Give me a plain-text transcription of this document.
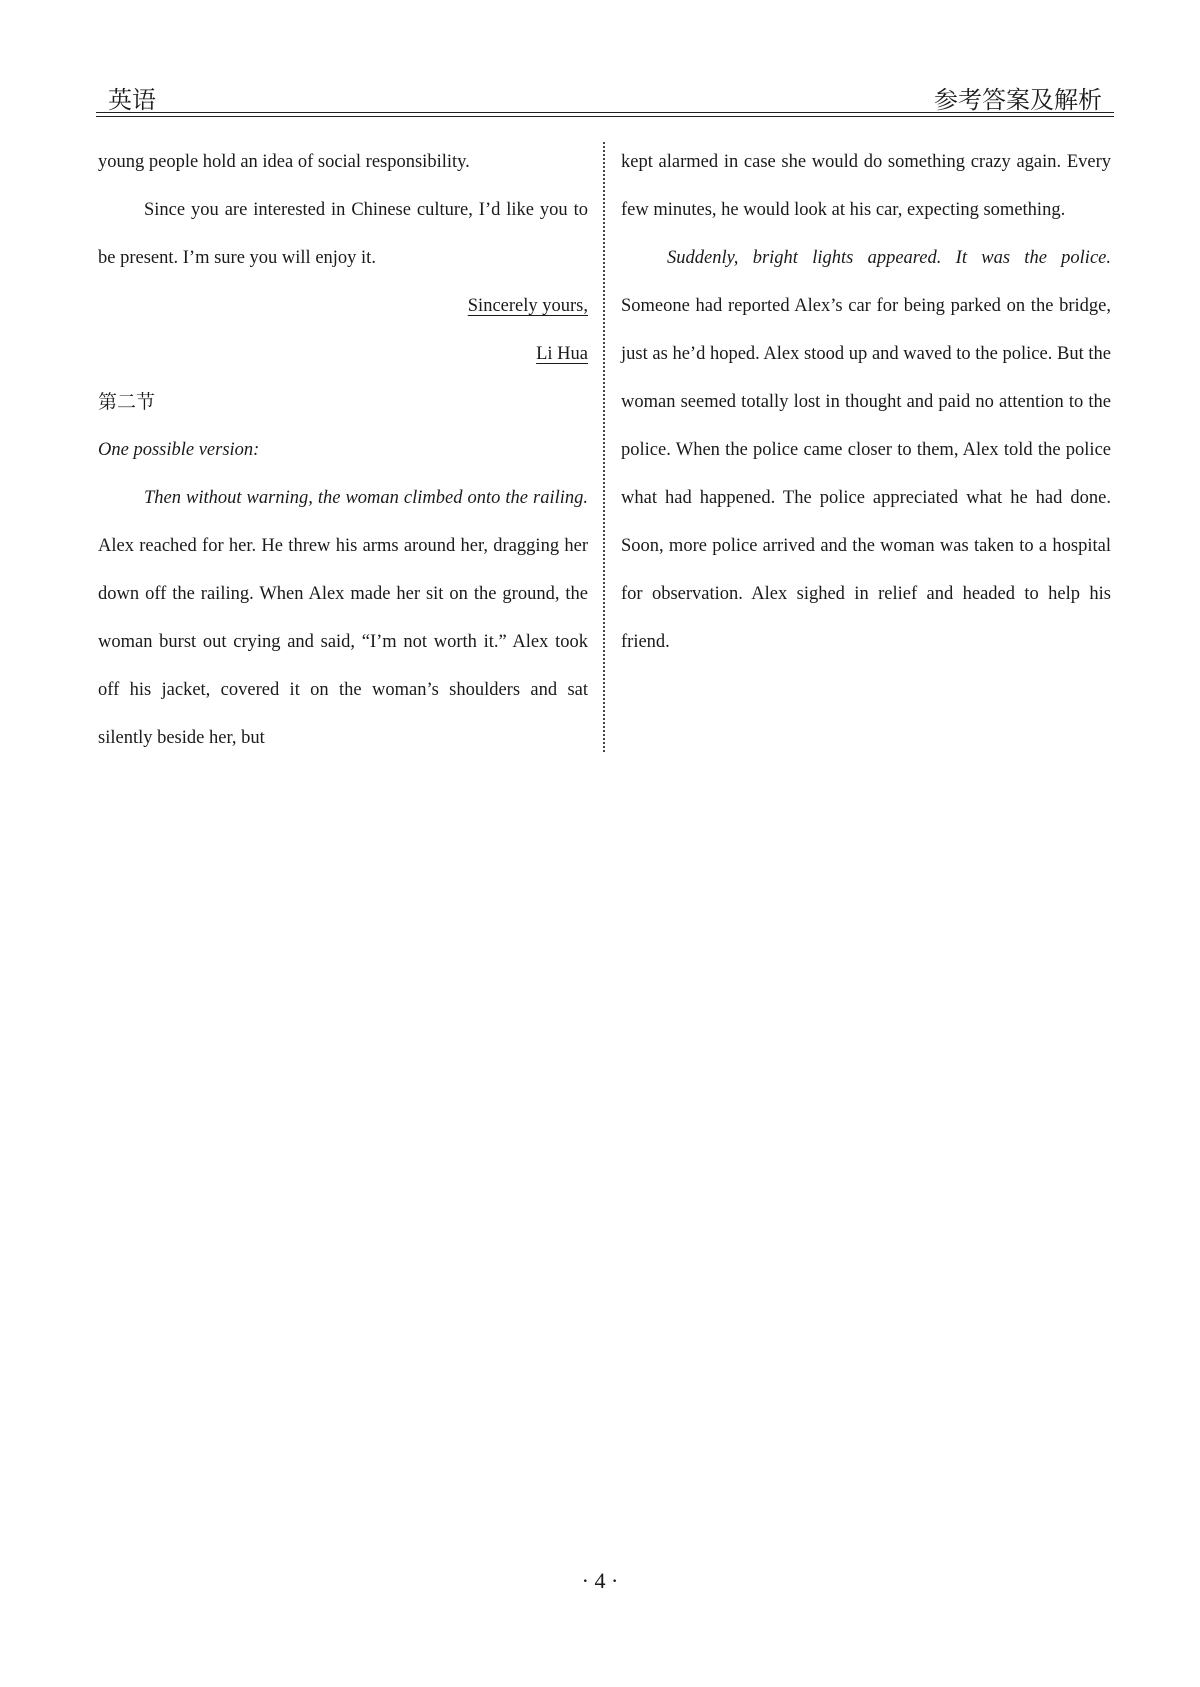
英语	参考答案及解析

young people hold an idea of social responsibility.

Since you are interested in Chinese culture, I’d like you to be present. I’m sure you will enjoy it.

Sincerely yours,

Li Hua

第二节

One possible version:

Then without warning, the woman climbed onto the railing. Alex reached for her. He threw his arms around her, dragging her down off the railing. When Alex made her sit on the ground, the woman burst out crying and said, “I’m not worth it.” Alex took off his jacket, covered it on the woman’s shoulders and sat silently beside her, but

kept alarmed in case she would do something crazy again. Every few minutes, he would look at his car, expecting something.

Suddenly, bright lights appeared. It was the police. Someone had reported Alex’s car for being parked on the bridge, just as he’d hoped. Alex stood up and waved to the police. But the woman seemed totally lost in thought and paid no attention to the police. When the police came closer to them, Alex told the police what had happened. The police appreciated what he had done. Soon, more police arrived and the woman was taken to a hospital for observation. Alex sighed in relief and headed to help his friend.

· 4 ·
